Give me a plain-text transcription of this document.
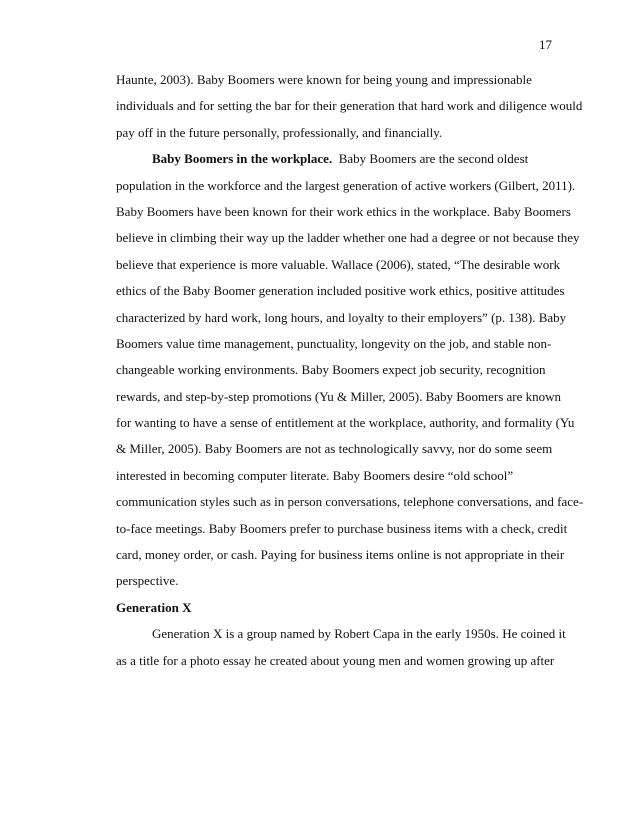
17
Haunte, 2003). Baby Boomers were known for being young and impressionable
individuals and for setting the bar for their generation that hard work and diligence would
pay off in the future personally, professionally, and financially.
Baby Boomers in the workplace.  Baby Boomers are the second oldest
population in the workforce and the largest generation of active workers (Gilbert, 2011).
Baby Boomers have been known for their work ethics in the workplace. Baby Boomers
believe in climbing their way up the ladder whether one had a degree or not because they
believe that experience is more valuable. Wallace (2006), stated, “The desirable work
ethics of the Baby Boomer generation included positive work ethics, positive attitudes
characterized by hard work, long hours, and loyalty to their employers” (p. 138). Baby
Boomers value time management, punctuality, longevity on the job, and stable non-
changeable working environments. Baby Boomers expect job security, recognition
rewards, and step-by-step promotions (Yu & Miller, 2005). Baby Boomers are known
for wanting to have a sense of entitlement at the workplace, authority, and formality (Yu
& Miller, 2005). Baby Boomers are not as technologically savvy, nor do some seem
interested in becoming computer literate. Baby Boomers desire “old school”
communication styles such as in person conversations, telephone conversations, and face-
to-face meetings. Baby Boomers prefer to purchase business items with a check, credit
card, money order, or cash. Paying for business items online is not appropriate in their
perspective.
Generation X
Generation X is a group named by Robert Capa in the early 1950s. He coined it
as a title for a photo essay he created about young men and women growing up after
